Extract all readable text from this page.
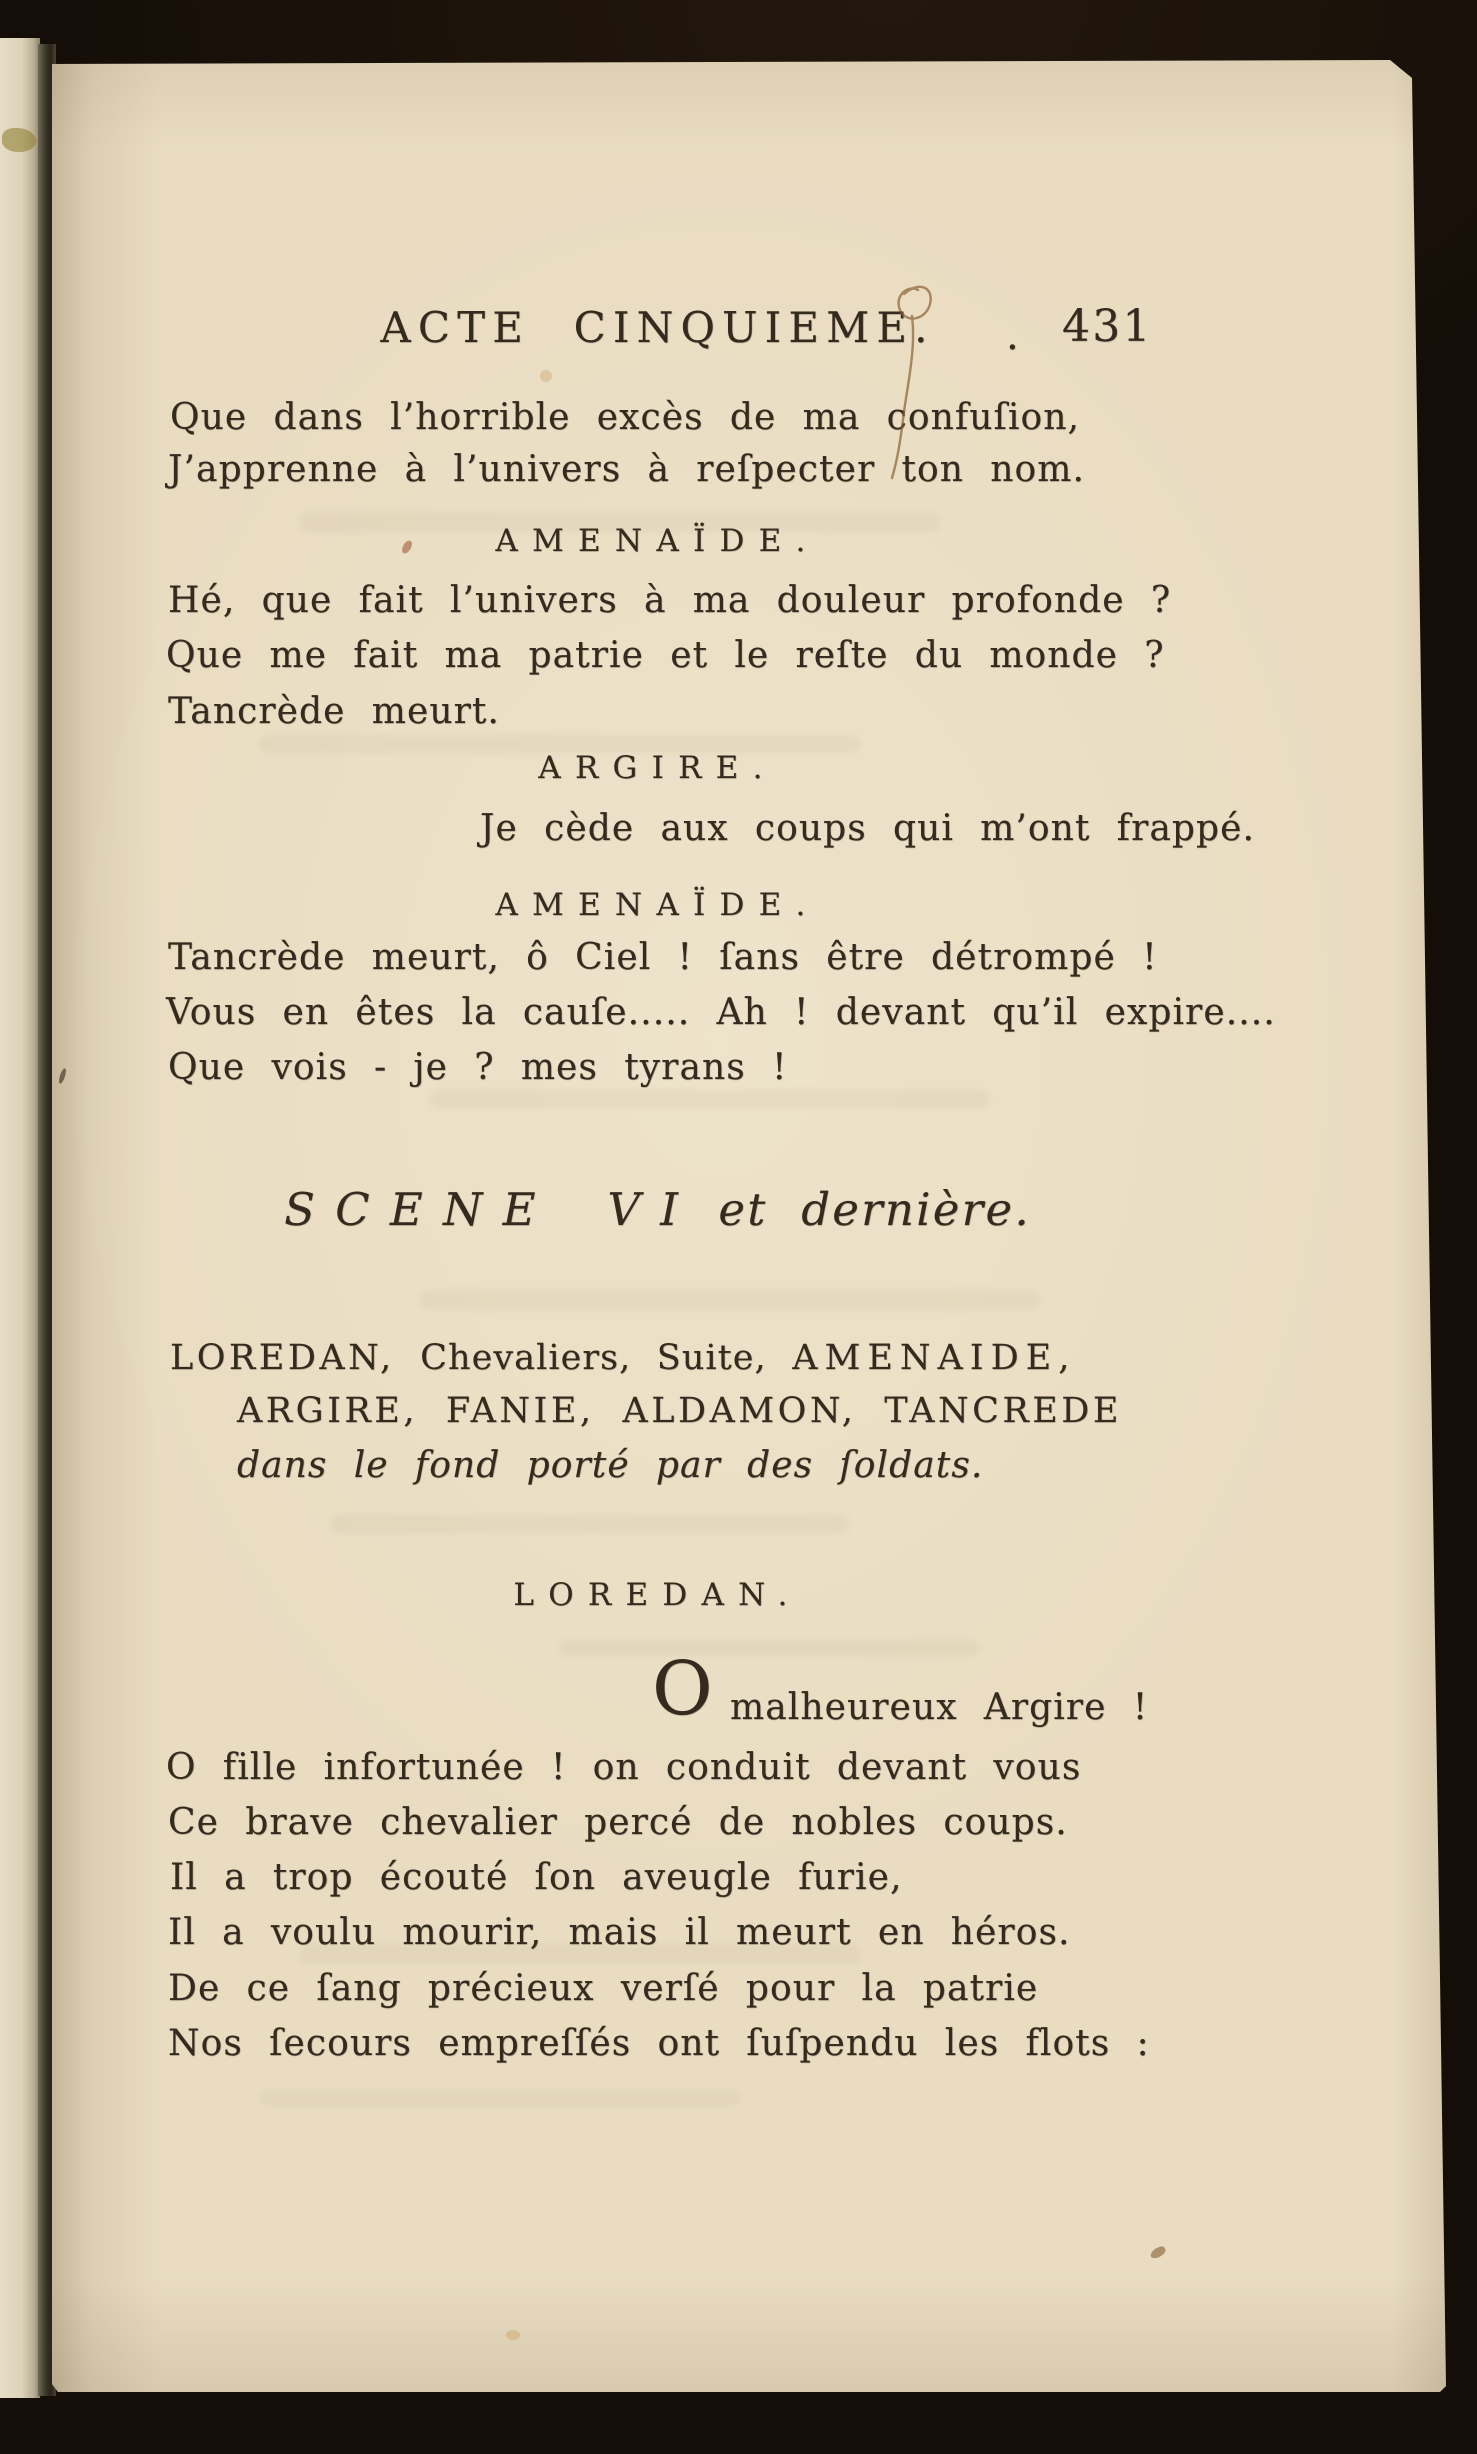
ACTE CINQUIEME.	. 431
Que dans l’horrible excès de ma confuſion,
J’apprenne à l’univers à reſpecter ton nom.
AMENAÏDE.
Hé, que fait l’univers à ma douleur profonde ?
Que me fait ma patrie et le reſte du monde ?
Tancrède meurt.
ARGIRE.
Je cède aux coups qui m’ont frappé.
AMENAÏDE.
Tancrède meurt, ô Ciel ! ſans être détrompé !
Vous en êtes la cauſe..... Ah ! devant qu’il expire....
Que vois - je ? mes tyrans !
SCENE VI et dernière.
LOREDAN, Chevaliers, Suite, AMENAIDE,
ARGIRE, FANIE, ALDAMON, TANCREDE
dans le fond porté par des ſoldats.
LOREDAN.
O malheureux Argire !
O fille infortunée ! on conduit devant vous
Ce brave chevalier percé de nobles coups.
Il a trop écouté ſon aveugle furie,
Il a voulu mourir, mais il meurt en héros.
De ce ſang précieux verſé pour la patrie
Nos ſecours empreſſés ont ſuſpendu les flots :
